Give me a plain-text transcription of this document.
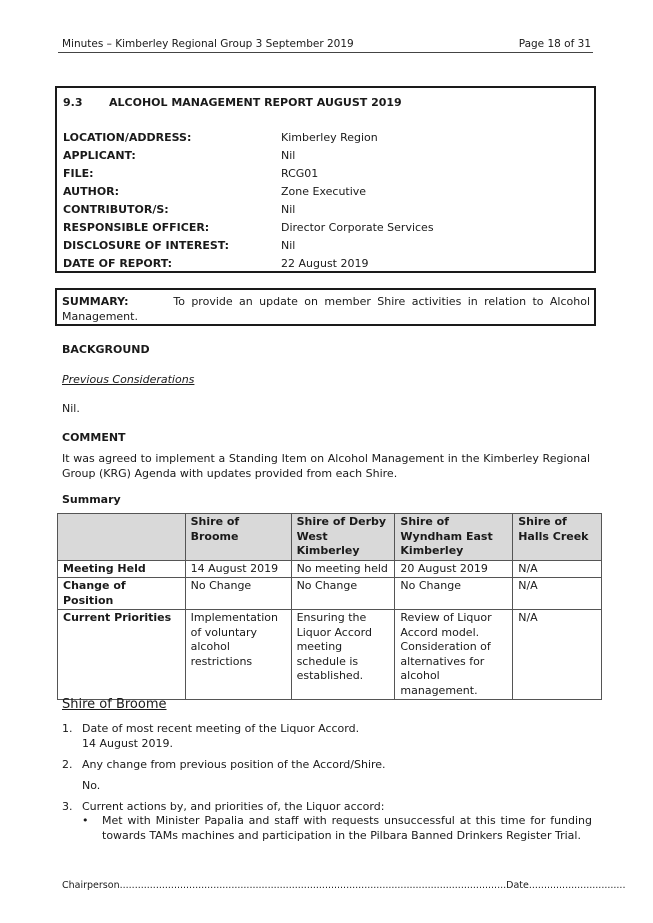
Minutes – Kimberley Regional Group 3 September 2019	Page 18 of 31
9.3 ALCOHOL MANAGEMENT REPORT AUGUST 2019
LOCATION/ADDRESS:	Kimberley Region
APPLICANT:	Nil
FILE:	RCG01
AUTHOR:	Zone Executive
CONTRIBUTOR/S:	Nil
RESPONSIBLE OFFICER:	Director Corporate Services
DISCLOSURE OF INTEREST:	Nil
DATE OF REPORT:	22 August 2019
SUMMARY:	To provide an update on member Shire activities in relation to Alcohol Management.
BACKGROUND
Previous Considerations
Nil.
COMMENT
It was agreed to implement a Standing Item on Alcohol Management in the Kimberley Regional Group (KRG) Agenda with updates provided from each Shire.
Summary
	Shire of Broome	Shire of Derby West Kimberley	Shire of Wyndham East Kimberley	Shire of Halls Creek
Meeting Held	14 August 2019	No meeting held	20 August 2019	N/A
Change of Position	No Change	No Change	No Change	N/A
Current Priorities	Implementation of voluntary alcohol restrictions	Ensuring the Liquor Accord meeting schedule is established.	Review of Liquor Accord model. Consideration of alternatives for alcohol management.	N/A
Shire of Broome
1. Date of most recent meeting of the Liquor Accord.
14 August 2019.
2. Any change from previous position of the Accord/Shire.
No.
3. Current actions by, and priorities of, the Liquor accord:
• Met with Minister Papalia and staff with requests unsuccessful at this time for funding towards TAMs machines and participation in the Pilbara Banned Drinkers Register Trial.
Chairperson................................................................................................................................Date................................
